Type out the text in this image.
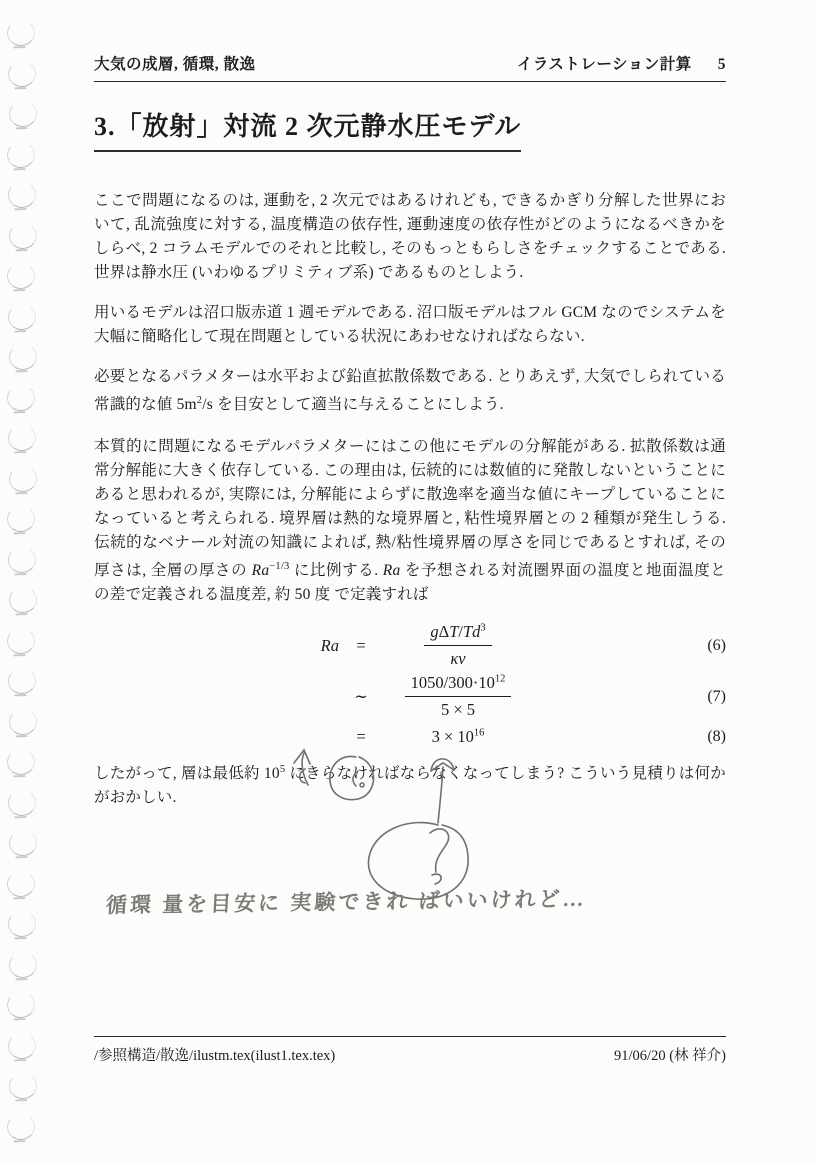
大気の成層, 循環, 散逸	イラストレーション計算 5
3.「放射」対流 2 次元静水圧モデル

ここで問題になるのは, 運動を, 2 次元ではあるけれども, できるかぎり分解した世界において, 乱流強度に対する, 温度構造の依存性, 運動速度の依存性がどのようになるべきかをしらべ, 2 コラムモデルでのそれと比較し, そのもっともらしさをチェックすることである. 世界は静水圧 (いわゆるプリミティブ系) であるものとしよう.

用いるモデルは沼口版赤道 1 週モデルである. 沼口版モデルはフル GCM なのでシステムを大幅に簡略化して現在問題としている状況にあわせなければならない.

必要となるパラメターは水平および鉛直拡散係数である. とりあえず, 大気でしられている常識的な値 $5m^2/s$ を目安として適当に与えることにしよう.

本質的に問題になるモデルパラメターにはこの他にモデルの分解能がある. 拡散係数は通常分解能に大きく依存している. この理由は, 伝統的には数値的に発散しないということにあると思われるが, 実際には, 分解能によらずに散逸率を適当な値にキープしていることになっていると考えられる. 境界層は熱的な境界層と, 粘性境界層との 2 種類が発生しうる. 伝統的なベナール対流の知識によれば, 熱/粘性境界層の厚さを同じであるとすれば, その厚さは, 全層の厚さの $Ra^{-1/3}$ に比例する. Ra を予想される対流圏界面の温度と地面温度との差で定義される温度差, 約 50 度 で定義すれば

Ra	=	$\frac{g\Delta T/Td^3}{\kappa\nu}$	(6)
∼	$\frac{1050/300\cdot 10^{12}}{5 \times 5}$	(7)
=	$3 \times 10^{16}$	(8)

したがって, 層は最低約 $10^5$ にきらなければならなくなってしまう? こういう見積りは何かがおかしい.

循環 量を目安に 実験できれ ばいいけれど…
/参照構造/散逸/ilustm.tex(ilust1.tex.tex)	91/06/20 (林 祥介)
